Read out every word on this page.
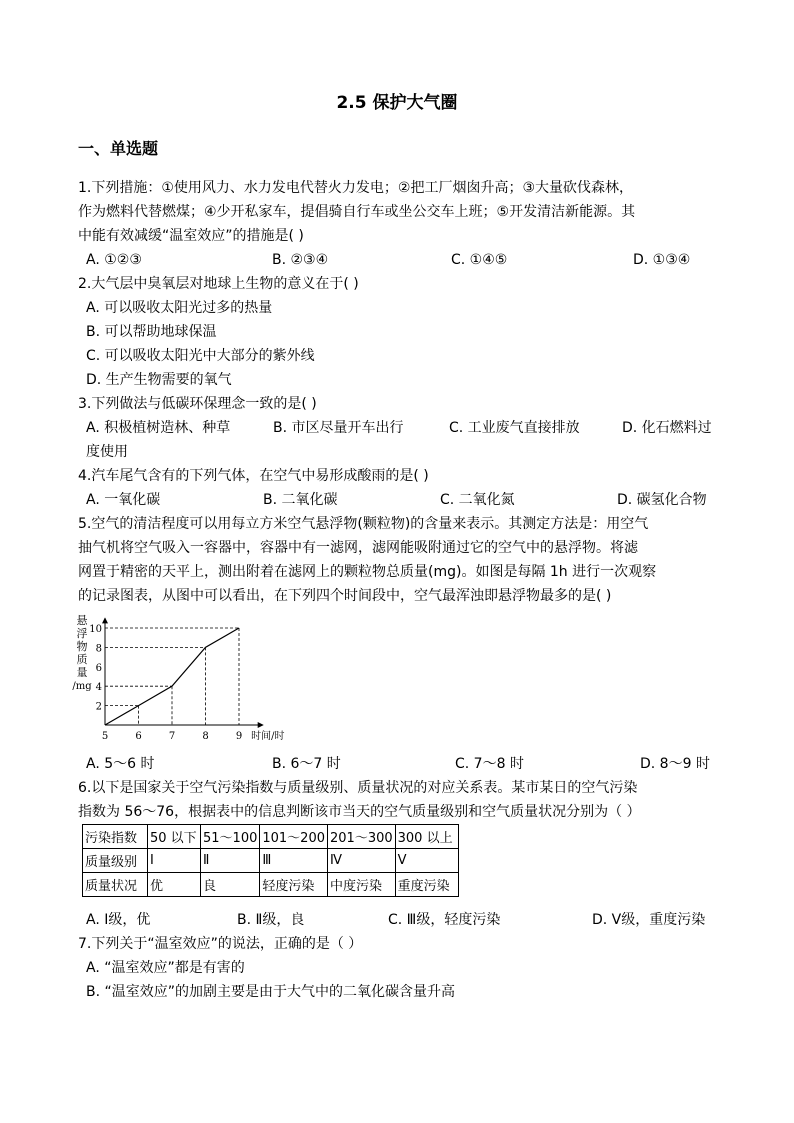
2.5 保护大气圈
一、单选题
1.下列措施：①使用风力、水力发电代替火力发电；②把工厂烟囱升高；③大量砍伐森林，
作为燃料代替燃煤；④少开私家车，提倡骑自行车或坐公交车上班；⑤开发清洁新能源。其
中能有效减缓“温室效应”的措施是( )
A. ①②③	B. ②③④	C. ①④⑤	D. ①③④
2.大气层中臭氧层对地球上生物的意义在于( )
A. 可以吸收太阳光过多的热量
B. 可以帮助地球保温
C. 可以吸收太阳光中大部分的紫外线
D. 生产生物需要的氧气
3.下列做法与低碳环保理念一致的是( )
A. 积极植树造林、种草	B. 市区尽量开车出行	C. 工业废气直接排放	D. 化石燃料过
度使用
4.汽车尾气含有的下列气体，在空气中易形成酸雨的是( )
A. 一氧化碳	B. 二氧化碳	C. 二氧化氮	D. 碳氢化合物
5.空气的清洁程度可以用每立方米空气悬浮物(颗粒物)的含量来表示。其测定方法是：用空气
抽气机将空气吸入一容器中，容器中有一滤网，滤网能吸附通过它的空气中的悬浮物。将滤
网置于精密的天平上，测出附着在滤网上的颗粒物总质量(mg)。如图是每隔 1h 进行一次观察
的记录图表，从图中可以看出，在下列四个时间段中，空气最浑浊即悬浮物最多的是( )
悬
浮
物
质
量
/mg
2
4
6
8
10
5	6	7	8	9 时间/时
A. 5～6 时	B. 6～7 时	C. 7～8 时	D. 8～9 时
6.以下是国家关于空气污染指数与质量级别、质量状况的对应关系表。某市某日的空气污染
指数为 56～76，根据表中的信息判断该市当天的空气质量级别和空气质量状况分别为（ ）
污染指数	50 以下	51～100	101～200	201～300	300 以上
质量级别	Ⅰ	Ⅱ	Ⅲ	Ⅳ	Ⅴ
质量状况	优	良	轻度污染	中度污染	重度污染
A. Ⅰ级，优	B. Ⅱ级，良	C. Ⅲ级，轻度污染	D. Ⅴ级，重度污染
7.下列关于“温室效应”的说法，正确的是（ ）
A. “温室效应”都是有害的
B. “温室效应”的加剧主要是由于大气中的二氧化碳含量升高
